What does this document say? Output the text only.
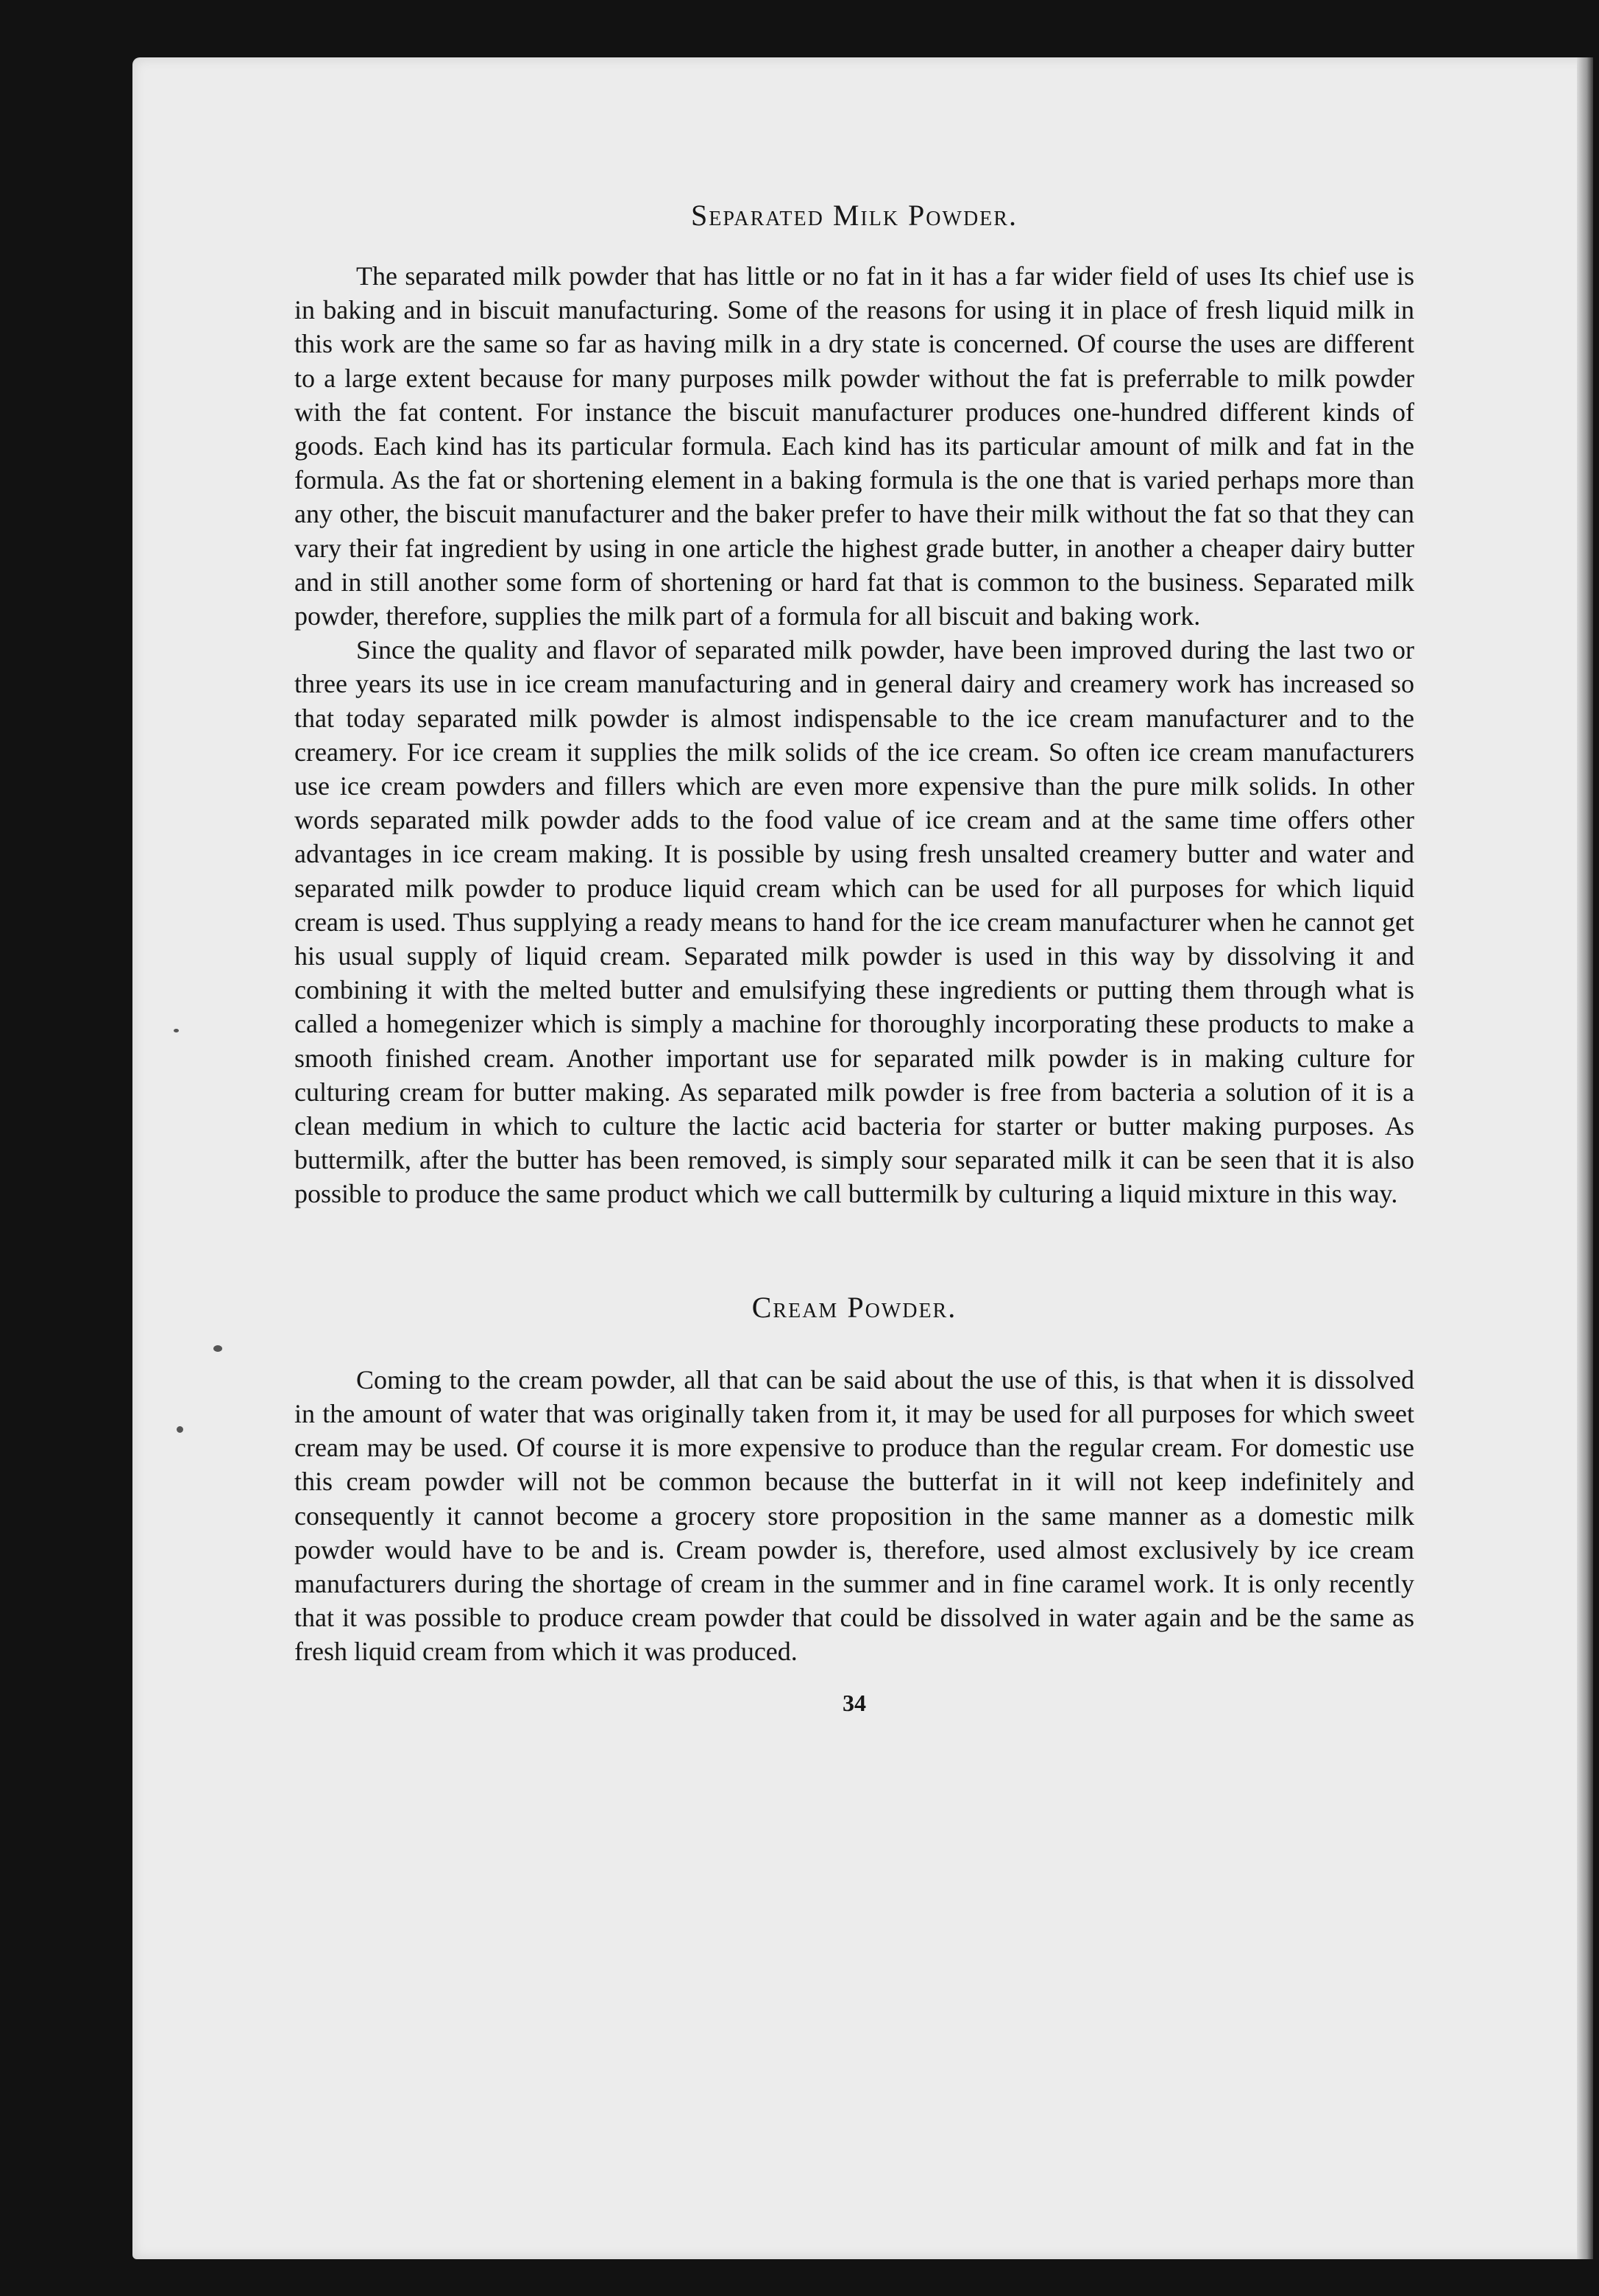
Separated Milk Powder.

The separated milk powder that has little or no fat in it has a far wider field of uses Its chief use is in baking and in biscuit manufacturing. Some of the reasons for using it in place of fresh liquid milk in this work are the same so far as having milk in a dry state is concerned. Of course the uses are different to a large extent because for many purposes milk powder without the fat is preferrable to milk powder with the fat content. For instance the biscuit manufacturer produces one-hundred different kinds of goods. Each kind has its particular formula. Each kind has its particular amount of milk and fat in the formula. As the fat or shortening element in a baking formula is the one that is varied perhaps more than any other, the biscuit manufacturer and the baker prefer to have their milk without the fat so that they can vary their fat ingredient by using in one article the highest grade butter, in another a cheaper dairy butter and in still another some form of shortening or hard fat that is common to the business. Separated milk powder, therefore, supplies the milk part of a formula for all biscuit and baking work.

Since the quality and flavor of separated milk powder, have been improved during the last two or three years its use in ice cream manufacturing and in general dairy and creamery work has increased so that today separated milk powder is almost indispensable to the ice cream manufacturer and to the creamery. For ice cream it supplies the milk solids of the ice cream. So often ice cream manufacturers use ice cream powders and fillers which are even more expensive than the pure milk solids. In other words separated milk powder adds to the food value of ice cream and at the same time offers other advantages in ice cream making. It is possible by using fresh unsalted creamery butter and water and separated milk powder to produce liquid cream which can be used for all purposes for which liquid cream is used. Thus supplying a ready means to hand for the ice cream manufacturer when he cannot get his usual supply of liquid cream. Separated milk powder is used in this way by dissolving it and combining it with the melted butter and emulsifying these ingredients or putting them through what is called a homegenizer which is simply a machine for thoroughly incorporating these products to make a smooth finished cream. Another important use for separated milk powder is in making culture for culturing cream for butter making. As separated milk powder is free from bacteria a solution of it is a clean medium in which to culture the lactic acid bacteria for starter or butter making purposes. As buttermilk, after the butter has been removed, is simply sour separated milk it can be seen that it is also possible to produce the same product which we call buttermilk by culturing a liquid mixture in this way.

Cream Powder.

Coming to the cream powder, all that can be said about the use of this, is that when it is dissolved in the amount of water that was originally taken from it, it may be used for all purposes for which sweet cream may be used. Of course it is more expensive to produce than the regular cream. For domestic use this cream powder will not be common because the butterfat in it will not keep indefinitely and consequently it cannot become a grocery store proposition in the same manner as a domestic milk powder would have to be and is. Cream powder is, therefore, used almost exclusively by ice cream manufacturers during the shortage of cream in the summer and in fine caramel work. It is only recently that it was possible to produce cream powder that could be dissolved in water again and be the same as fresh liquid cream from which it was produced.

34
